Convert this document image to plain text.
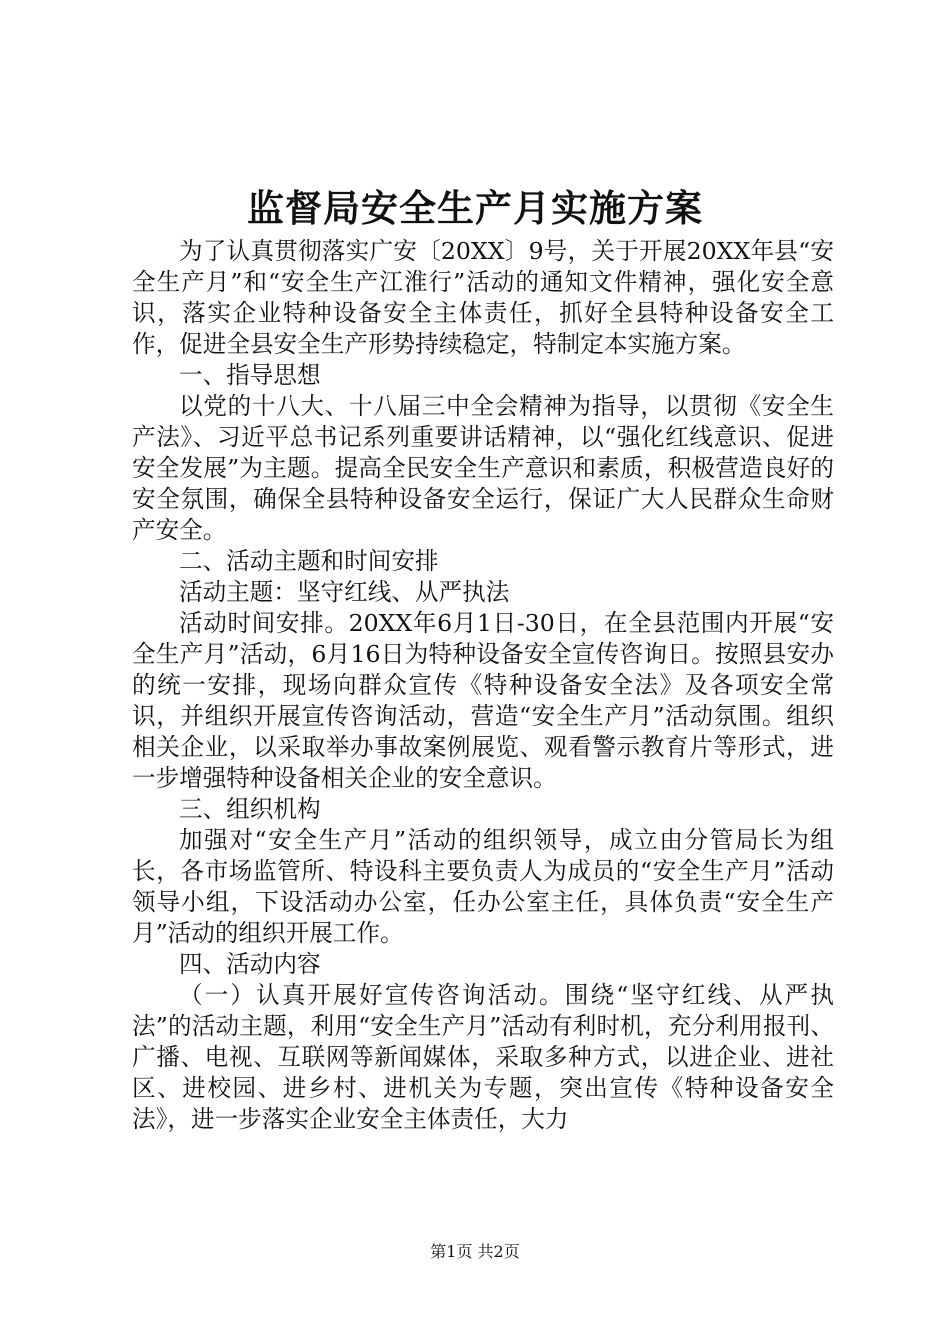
监督局安全生产月实施方案

为了认真贯彻落实广安〔20XX〕9号，关于开展20XX年县“安全生产月”和“安全生产江淮行”活动的通知文件精神，强化安全意识，落实企业特种设备安全主体责任，抓好全县特种设备安全工作，促进全县安全生产形势持续稳定，特制定本实施方案。

一、指导思想

以党的十八大、十八届三中全会精神为指导，以贯彻《安全生产法》、习近平总书记系列重要讲话精神，以“强化红线意识、促进安全发展”为主题。提高全民安全生产意识和素质，积极营造良好的安全氛围，确保全县特种设备安全运行，保证广大人民群众生命财产安全。

二、活动主题和时间安排

活动主题：坚守红线、从严执法

活动时间安排。20XX年6月1日-30日，在全县范围内开展“安全生产月”活动，6月16日为特种设备安全宣传咨询日。按照县安办的统一安排，现场向群众宣传《特种设备安全法》及各项安全常识，并组织开展宣传咨询活动，营造“安全生产月”活动氛围。组织相关企业，以采取举办事故案例展览、观看警示教育片等形式，进一步增强特种设备相关企业的安全意识。

三、组织机构

加强对“安全生产月”活动的组织领导，成立由分管局长为组长，各市场监管所、特设科主要负责人为成员的“安全生产月”活动领导小组，下设活动办公室，任办公室主任，具体负责“安全生产月”活动的组织开展工作。

四、活动内容

（一）认真开展好宣传咨询活动。围绕“坚守红线、从严执法”的活动主题，利用“安全生产月”活动有利时机，充分利用报刊、广播、电视、互联网等新闻媒体，采取多种方式，以进企业、进社区、进校园、进乡村、进机关为专题，突出宣传《特种设备安全法》，进一步落实企业安全主体责任，大力

第1页 共2页
